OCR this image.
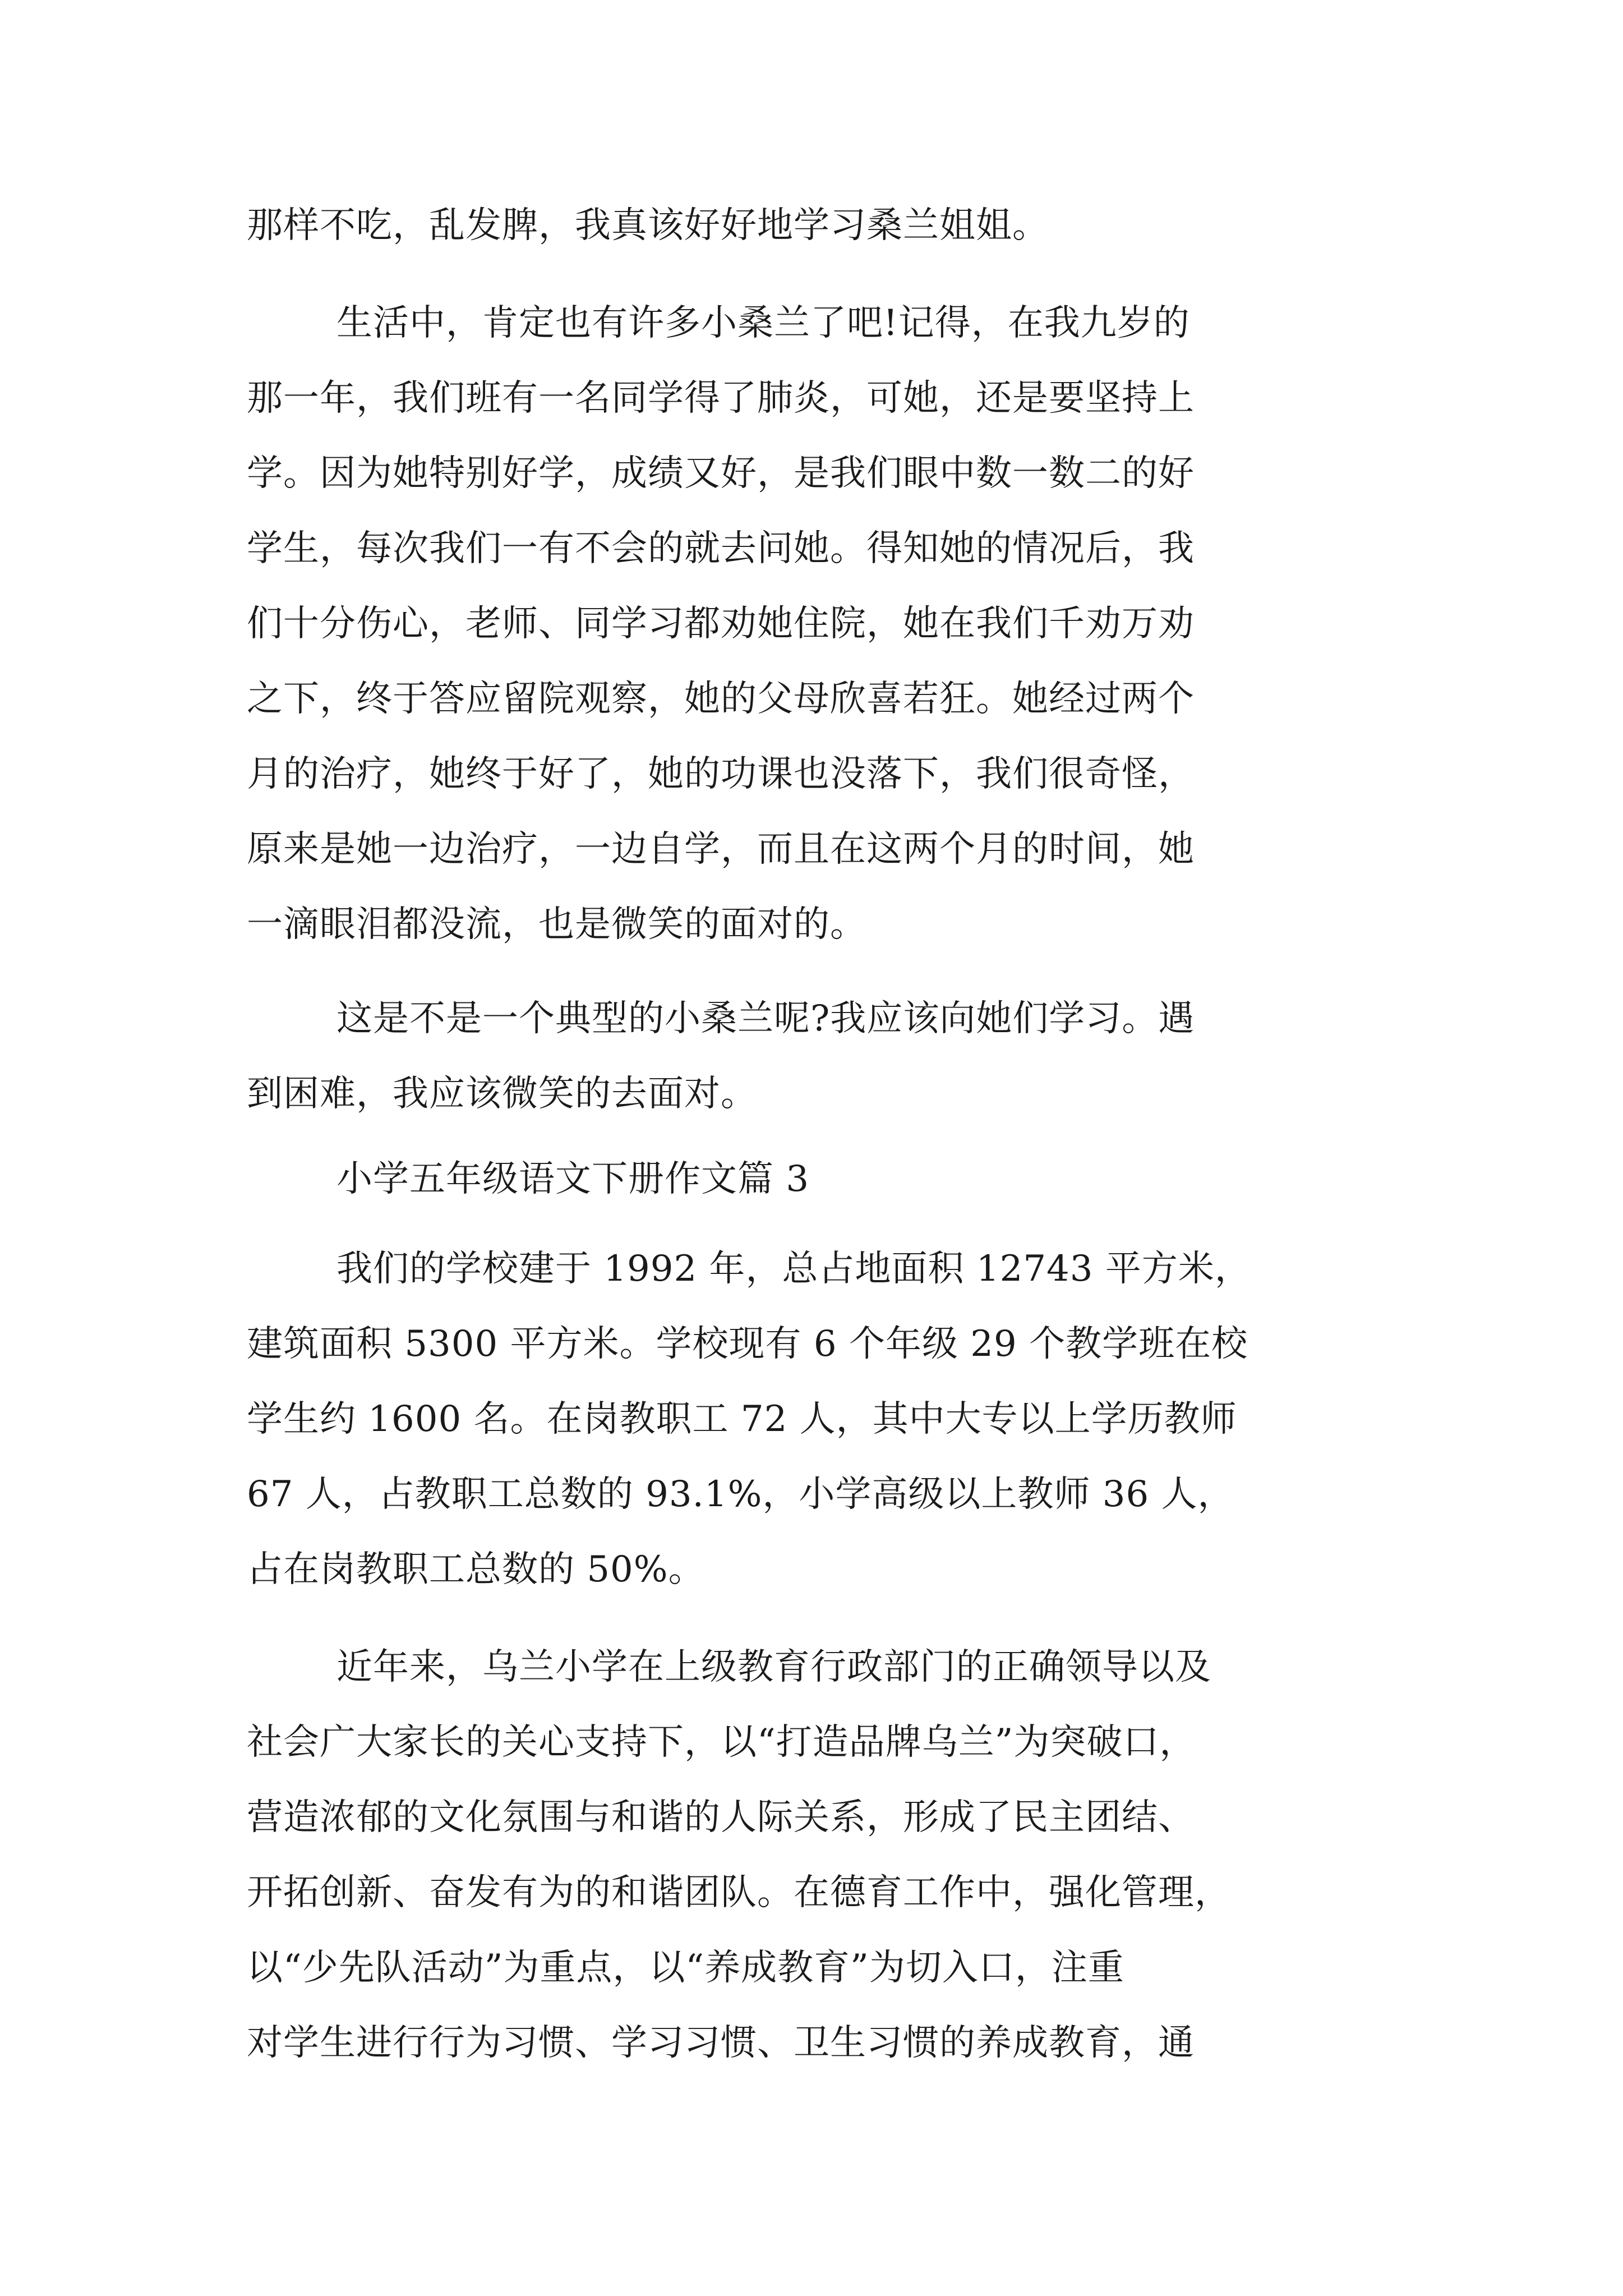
那样不吃，乱发脾，我真该好好地学习桑兰姐姐。
生活中，肯定也有许多小桑兰了吧!记得，在我九岁的
那一年，我们班有一名同学得了肺炎，可她，还是要坚持上
学。因为她特别好学，成绩又好，是我们眼中数一数二的好
学生，每次我们一有不会的就去问她。得知她的情况后，我
们十分伤心，老师、同学习都劝她住院，她在我们千劝万劝
之下，终于答应留院观察，她的父母欣喜若狂。她经过两个
月的治疗，她终于好了，她的功课也没落下，我们很奇怪，
原来是她一边治疗，一边自学，而且在这两个月的时间，她
一滴眼泪都没流，也是微笑的面对的。
这是不是一个典型的小桑兰呢?我应该向她们学习。遇
到困难，我应该微笑的去面对。
小学五年级语文下册作文篇 3
我们的学校建于 1992 年，总占地面积 12743 平方米，
建筑面积 5300 平方米。学校现有 6 个年级 29 个教学班在校
学生约 1600 名。在岗教职工 72 人，其中大专以上学历教师
67 人，占教职工总数的 93.1%，小学高级以上教师 36 人，
占在岗教职工总数的 50%。
近年来，乌兰小学在上级教育行政部门的正确领导以及
社会广大家长的关心支持下，以“打造品牌乌兰”为突破口，
营造浓郁的文化氛围与和谐的人际关系，形成了民主团结、
开拓创新、奋发有为的和谐团队。在德育工作中，强化管理，
以“少先队活动”为重点，以“养成教育”为切入口，注重
对学生进行行为习惯、学习习惯、卫生习惯的养成教育，通
